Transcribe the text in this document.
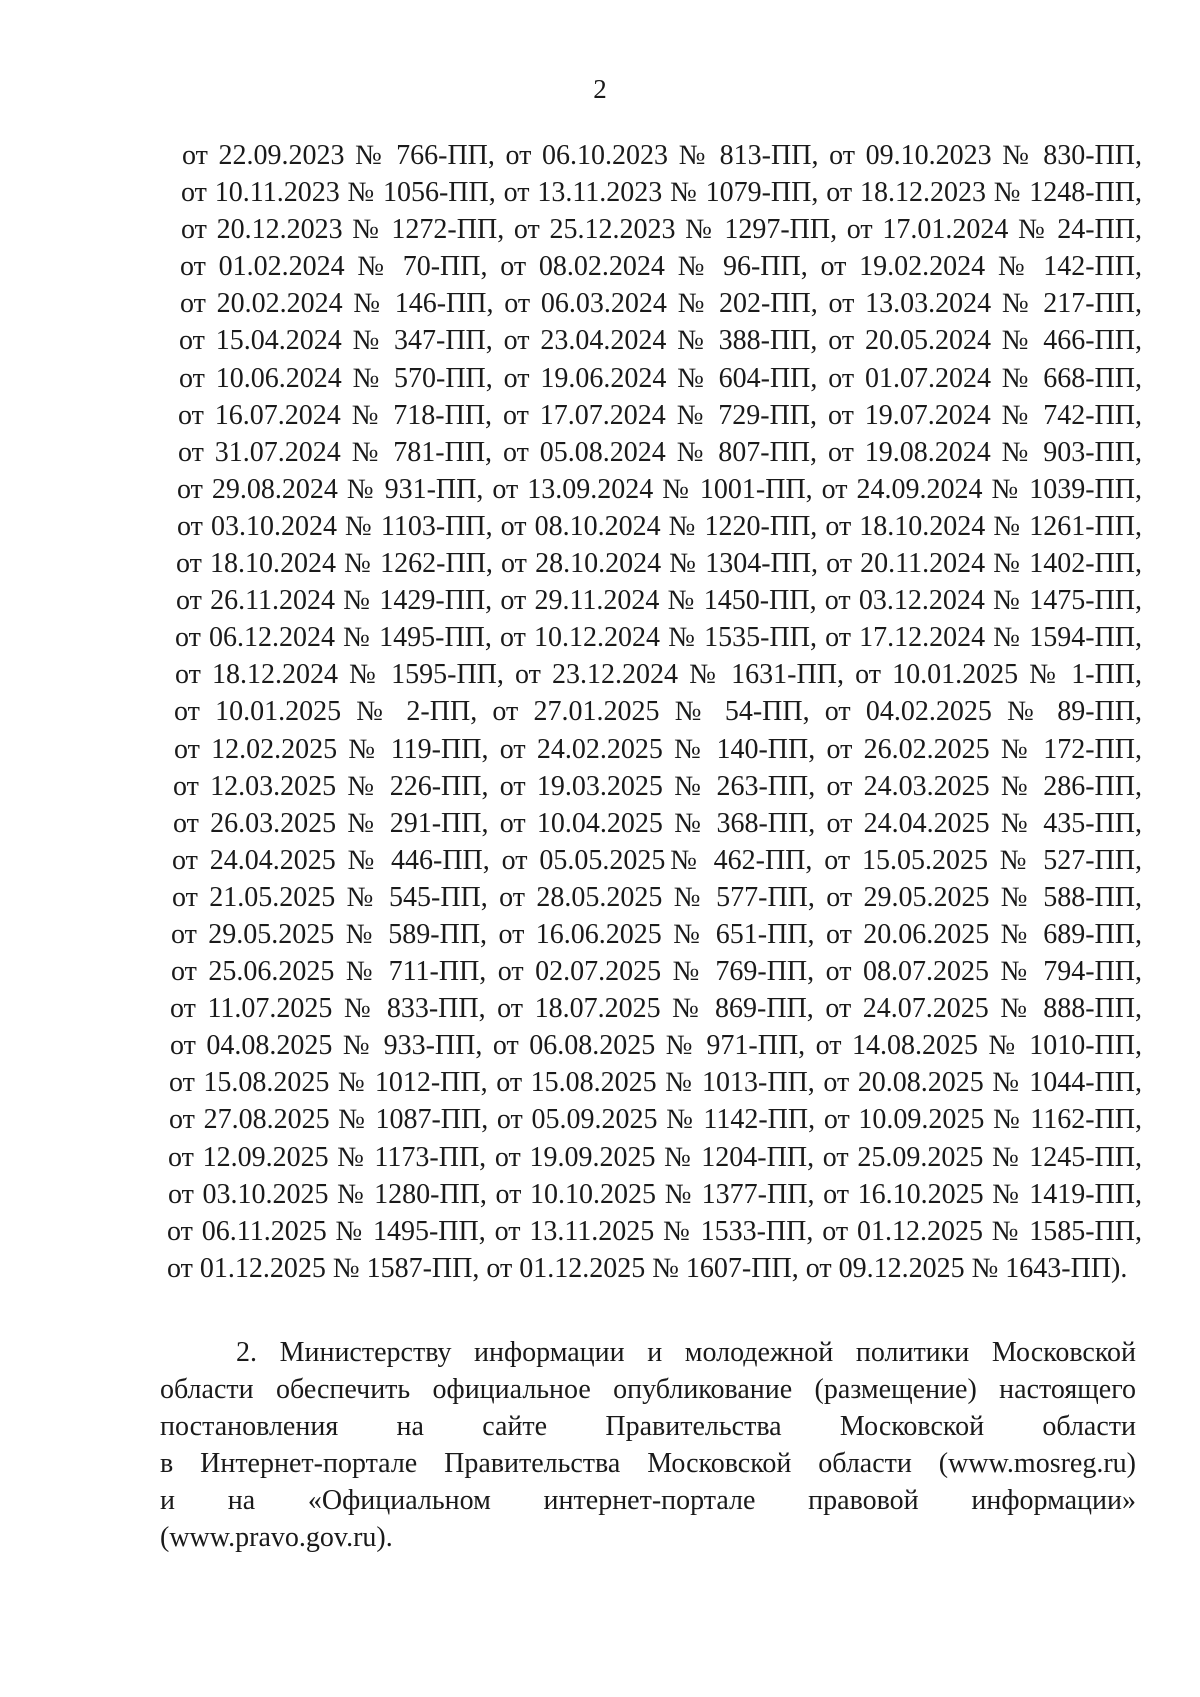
2
от 22.09.2023 № 766-ПП, от 06.10.2023 № 813-ПП, от 09.10.2023 № 830-ПП,
от 10.11.2023 № 1056-ПП, от 13.11.2023 № 1079-ПП, от 18.12.2023 № 1248-ПП,
от 20.12.2023 № 1272-ПП, от 25.12.2023 № 1297-ПП, от 17.01.2024 № 24-ПП,
от 01.02.2024 № 70-ПП, от 08.02.2024 № 96-ПП, от 19.02.2024 № 142-ПП,
от 20.02.2024 № 146-ПП, от 06.03.2024 № 202-ПП, от 13.03.2024 № 217-ПП,
от 15.04.2024 № 347-ПП, от 23.04.2024 № 388-ПП, от 20.05.2024 № 466-ПП,
от 10.06.2024 № 570-ПП, от 19.06.2024 № 604-ПП, от 01.07.2024 № 668-ПП,
от 16.07.2024 № 718-ПП, от 17.07.2024 № 729-ПП, от 19.07.2024 № 742-ПП,
от 31.07.2024 № 781-ПП, от 05.08.2024 № 807-ПП, от 19.08.2024 № 903-ПП,
от 29.08.2024 № 931-ПП, от 13.09.2024 № 1001-ПП, от 24.09.2024 № 1039-ПП,
от 03.10.2024 № 1103-ПП, от 08.10.2024 № 1220-ПП, от 18.10.2024 № 1261-ПП,
от 18.10.2024 № 1262-ПП, от 28.10.2024 № 1304-ПП, от 20.11.2024 № 1402-ПП,
от 26.11.2024 № 1429-ПП, от 29.11.2024 № 1450-ПП, от 03.12.2024 № 1475-ПП,
от 06.12.2024 № 1495-ПП, от 10.12.2024 № 1535-ПП, от 17.12.2024 № 1594-ПП,
от 18.12.2024 № 1595-ПП, от 23.12.2024 № 1631-ПП, от 10.01.2025 № 1-ПП,
от 10.01.2025 № 2-ПП, от 27.01.2025 № 54-ПП, от 04.02.2025 № 89-ПП,
от 12.02.2025 № 119-ПП, от 24.02.2025 № 140-ПП, от 26.02.2025 № 172-ПП,
от 12.03.2025 № 226-ПП, от 19.03.2025 № 263-ПП, от 24.03.2025 № 286-ПП,
от 26.03.2025 № 291-ПП, от 10.04.2025 № 368-ПП, от 24.04.2025 № 435-ПП,
от 24.04.2025 № 446-ПП, от 05.05.2025№ 462-ПП, от 15.05.2025 № 527-ПП,
от 21.05.2025 № 545-ПП, от 28.05.2025 № 577-ПП, от 29.05.2025 № 588-ПП,
от 29.05.2025 № 589-ПП, от 16.06.2025 № 651-ПП, от 20.06.2025 № 689-ПП,
от 25.06.2025 № 711-ПП, от 02.07.2025 № 769-ПП, от 08.07.2025 № 794-ПП,
от 11.07.2025 № 833-ПП, от 18.07.2025 № 869-ПП, от 24.07.2025 № 888-ПП,
от 04.08.2025 № 933-ПП, от 06.08.2025 № 971-ПП, от 14.08.2025 № 1010-ПП,
от 15.08.2025 № 1012-ПП, от 15.08.2025 № 1013-ПП, от 20.08.2025 № 1044-ПП,
от 27.08.2025 № 1087-ПП, от 05.09.2025 № 1142-ПП, от 10.09.2025 № 1162-ПП,
от 12.09.2025 № 1173-ПП, от 19.09.2025 № 1204-ПП, от 25.09.2025 № 1245-ПП,
от 03.10.2025 № 1280-ПП, от 10.10.2025 № 1377-ПП, от 16.10.2025 № 1419-ПП,
от 06.11.2025 № 1495-ПП, от 13.11.2025 № 1533-ПП, от 01.12.2025 № 1585-ПП,
от 01.12.2025 № 1587-ПП, от 01.12.2025 № 1607-ПП, от 09.12.2025 № 1643-ПП).
2. Министерству информации и молодежной политики Московской
области обеспечить официальное опубликование (размещение) настоящего
постановления на сайте Правительства Московской области
в Интернет-портале Правительства Московской области (www.mosreg.ru)
и на «Официальном интернет-портале правовой информации»
(www.pravo.gov.ru).
